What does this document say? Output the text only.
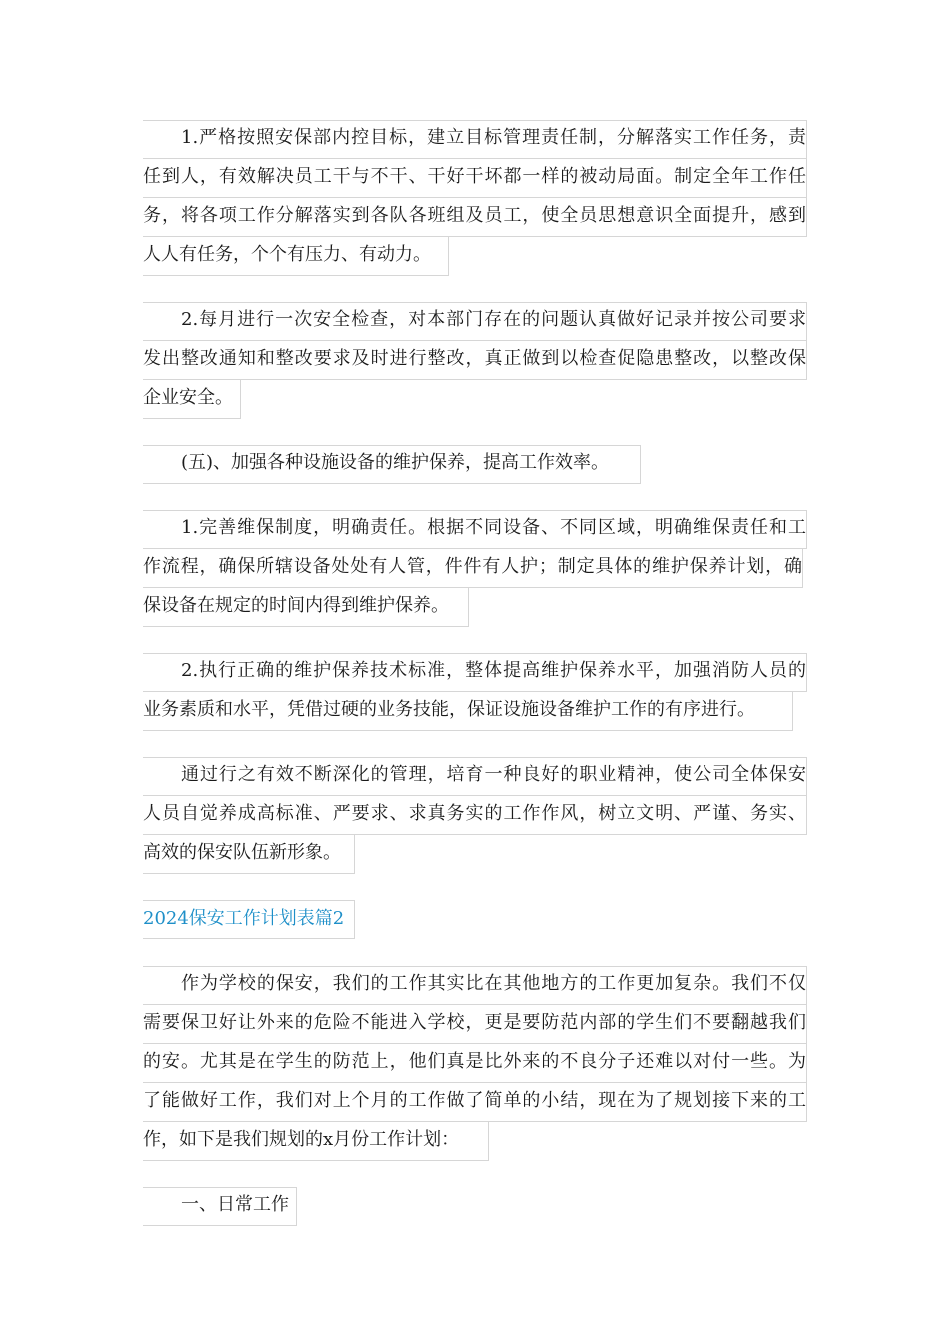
1.严格按照安保部内控目标，建立目标管理责任制，分解落实工作任务，责
任到人，有效解决员工干与不干、干好干坏都一样的被动局面。制定全年工作任
务，将各项工作分解落实到各队各班组及员工，使全员思想意识全面提升，感到
人人有任务，个个有压力、有动力。
2.每月进行一次安全检查，对本部门存在的问题认真做好记录并按公司要求
发出整改通知和整改要求及时进行整改，真正做到以检查促隐患整改，以整改保
企业安全。
(五)、加强各种设施设备的维护保养，提高工作效率。
1.完善维保制度，明确责任。根据不同设备、不同区域，明确维保责任和工
作流程，确保所辖设备处处有人管，件件有人护；制定具体的维护保养计划，确
保设备在规定的时间内得到维护保养。
2.执行正确的维护保养技术标准，整体提高维护保养水平，加强消防人员的
业务素质和水平，凭借过硬的业务技能，保证设施设备维护工作的有序进行。
通过行之有效不断深化的管理，培育一种良好的职业精神，使公司全体保安
人员自觉养成高标准、严要求、求真务实的工作作风，树立文明、严谨、务实、
高效的保安队伍新形象。
2024保安工作计划表篇2
作为学校的保安，我们的工作其实比在其他地方的工作更加复杂。我们不仅
需要保卫好让外来的危险不能进入学校，更是要防范内部的学生们不要翻越我们
的安。尤其是在学生的防范上，他们真是比外来的不良分子还难以对付一些。为
了能做好工作，我们对上个月的工作做了简单的小结，现在为了规划接下来的工
作，如下是我们规划的x月份工作计划：
一、日常工作
